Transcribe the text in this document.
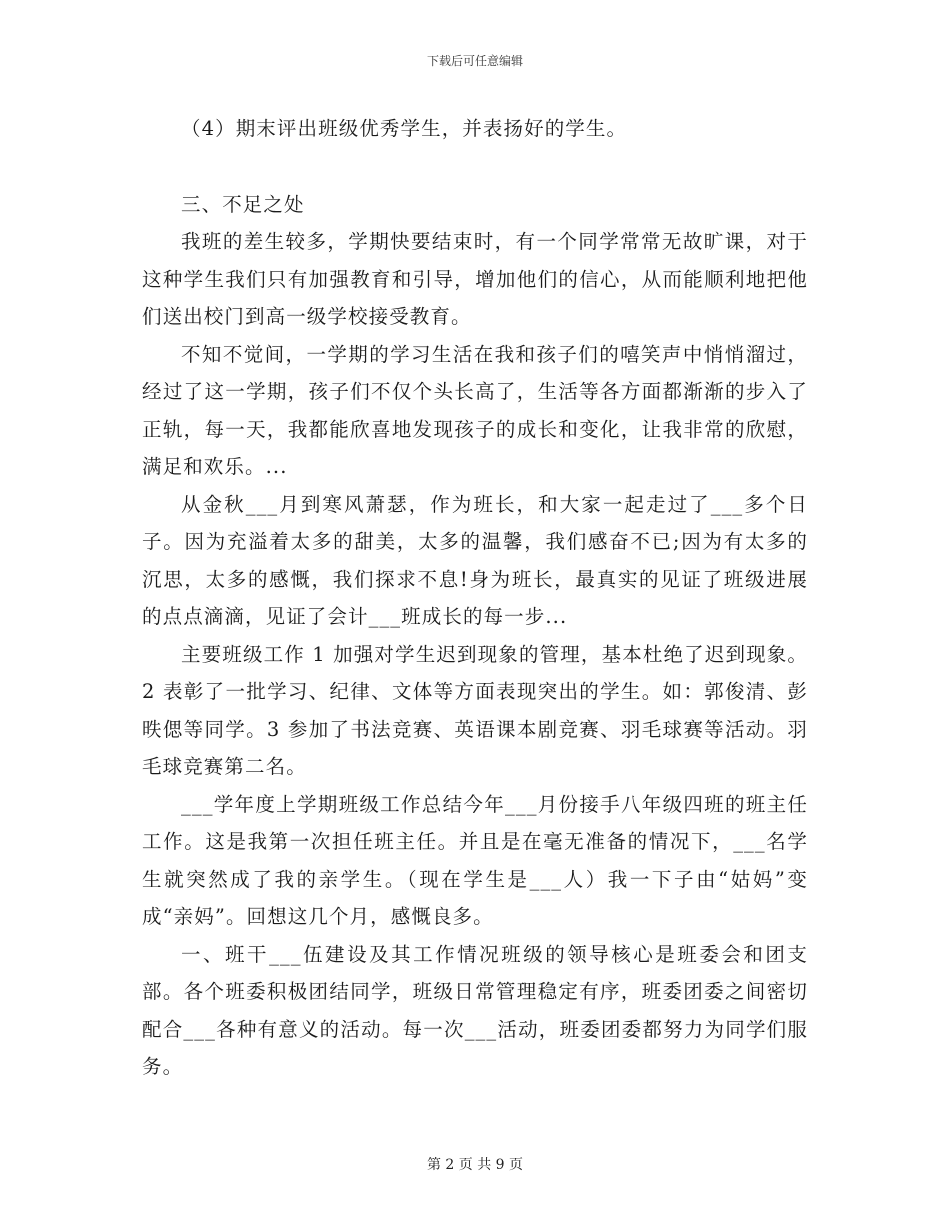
下载后可任意编辑

（4）期末评出班级优秀学生，并表扬好的学生。

三、不足之处

我班的差生较多，学期快要结束时，有一个同学常常无故旷课，对于这种学生我们只有加强教育和引导，增加他们的信心，从而能顺利地把他们送出校门到高一级学校接受教育。

不知不觉间，一学期的学习生活在我和孩子们的嘻笑声中悄悄溜过，经过了这一学期，孩子们不仅个头长高了，生活等各方面都渐渐的步入了正轨，每一天，我都能欣喜地发现孩子的成长和变化，让我非常的欣慰，满足和欢乐。...

从金秋___月到寒风萧瑟，作为班长，和大家一起走过了___多个日子。因为充溢着太多的甜美，太多的温馨，我们感奋不已;因为有太多的沉思，太多的感慨，我们探求不息!身为班长，最真实的见证了班级进展的点点滴滴，见证了会计___班成长的每一步...

主要班级工作 1 加强对学生迟到现象的管理，基本杜绝了迟到现象。2 表彰了一批学习、纪律、文体等方面表现突出的学生。如：郭俊清、彭昳偲等同学。3 参加了书法竞赛、英语课本剧竞赛、羽毛球赛等活动。羽毛球竞赛第二名。

___学年度上学期班级工作总结今年___月份接手八年级四班的班主任工作。这是我第一次担任班主任。并且是在毫无准备的情况下，___名学生就突然成了我的亲学生。（现在学生是___人）我一下子由“姑妈”变成“亲妈”。回想这几个月，感慨良多。

一、班干___伍建设及其工作情况班级的领导核心是班委会和团支部。各个班委积极团结同学，班级日常管理稳定有序，班委团委之间密切配合___各种有意义的活动。每一次___活动，班委团委都努力为同学们服务。

第 2 页 共 9 页
